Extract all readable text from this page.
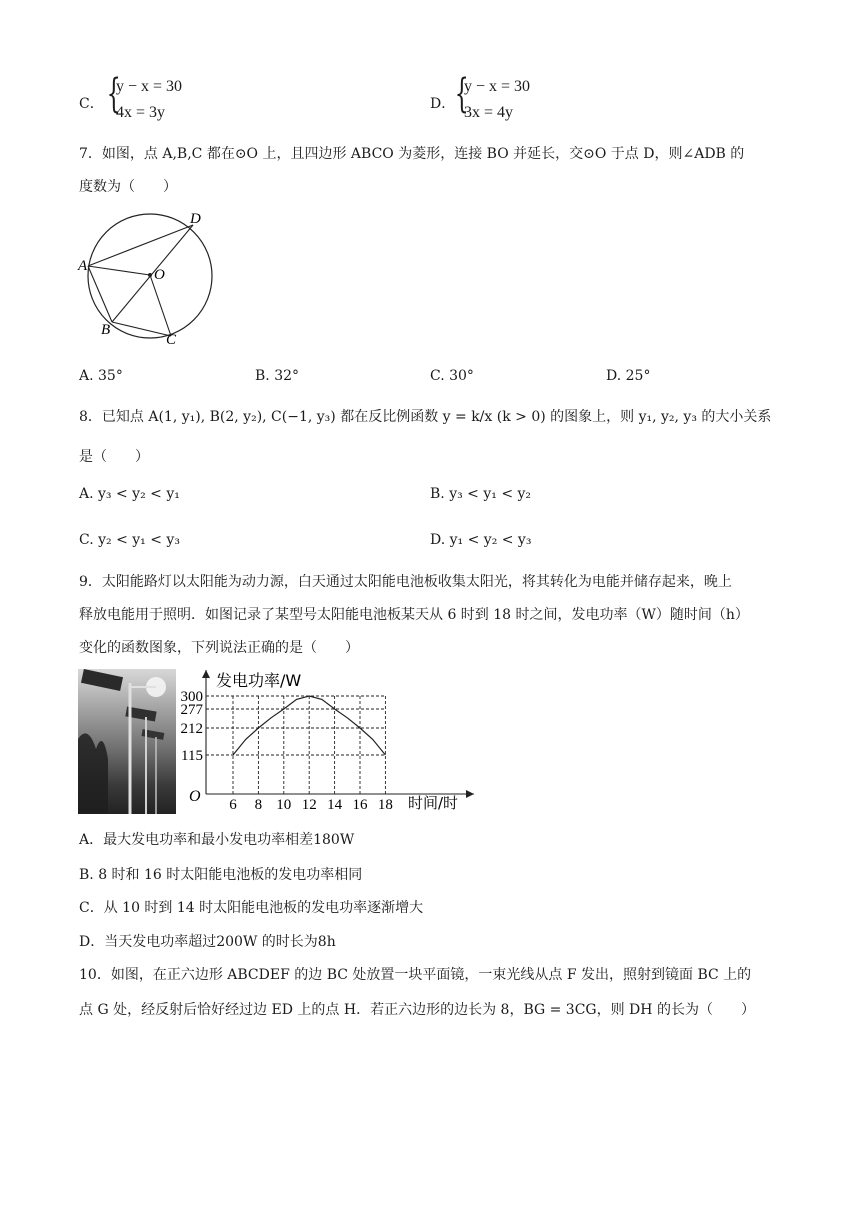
C． {
y − x = 30
4x = 3y	D． {
y − x = 30
3x = 4y
7．如图，点 A,B,C 都在⊙O 上，且四边形 ABCO 为菱形，连接 BO 并延长，交⊙O 于点 D，则∠ADB 的
度数为（　　）
D
A
O
B
C
A. 35°	B. 32°	C. 30°	D. 25°
8．已知点 A(1, y₁), B(2, y₂), C(−1, y₃) 都在反比例函数 y = k/x (k > 0) 的图象上，则 y₁, y₂, y₃ 的大小关系
是（　　）
A. y₃ < y₂ < y₁	B. y₃ < y₁ < y₂
C. y₂ < y₁ < y₃	D. y₁ < y₂ < y₃
9．太阳能路灯以太阳能为动力源，白天通过太阳能电池板收集太阳光，将其转化为电能并储存起来，晚上
释放电能用于照明．如图记录了某型号太阳能电池板某天从 6 时到 18 时之间，发电功率（W）随时间（h）
变化的函数图象，下列说法正确的是（　　）
115
212
277
300
6 8 10 12 14 16 18
发电功率/W
O	时间/时
A．最大发电功率和最小发电功率相差180W
B. 8 时和 16 时太阳能电池板的发电功率相同
C．从 10 时到 14 时太阳能电池板的发电功率逐渐增大
D．当天发电功率超过200W 的时长为8h
10．如图，在正六边形 ABCDEF 的边 BC 处放置一块平面镜，一束光线从点 F 发出，照射到镜面 BC 上的
点 G 处，经反射后恰好经过边 ED 上的点 H．若正六边形的边长为 8，BG = 3CG，则 DH 的长为（　　）
